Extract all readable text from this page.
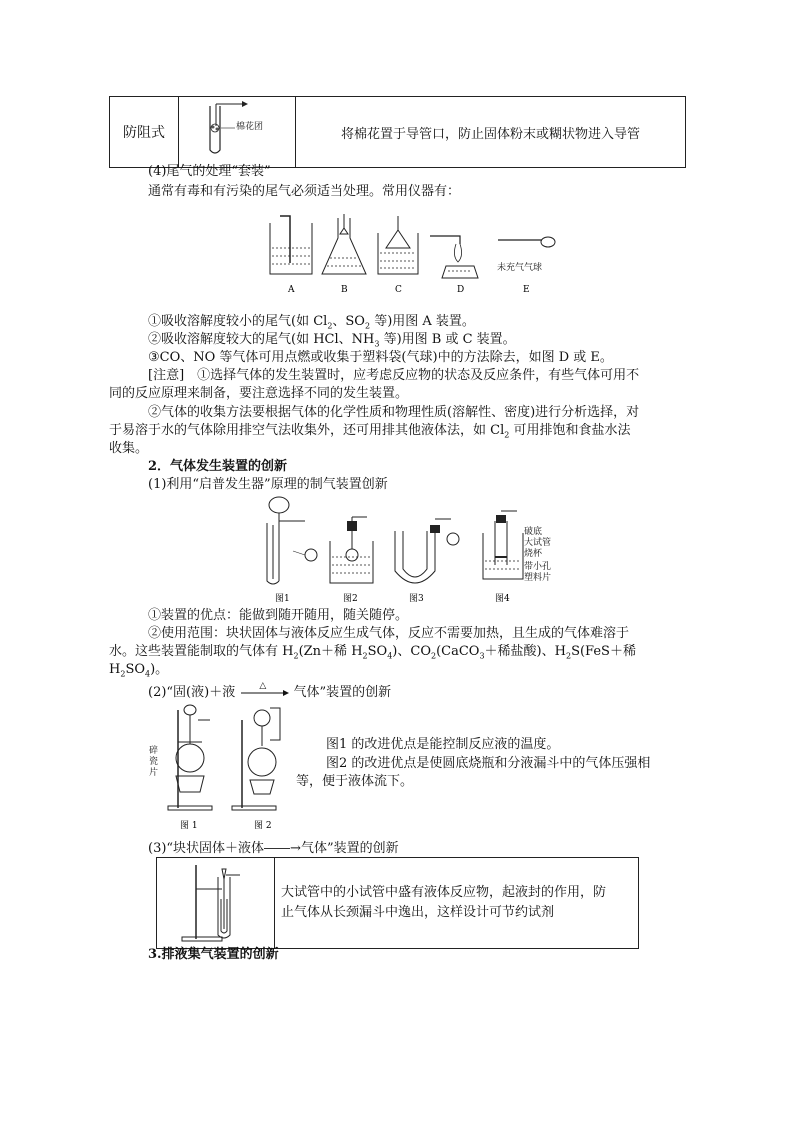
防阻式	棉花团	将棉花置于导管口，防止固体粉末或糊状物进入导管
(4)尾气的处理“套装”
通常有毒和有污染的尾气必须适当处理。常用仪器有：
A	B	C	D	E
未充气气球
①吸收溶解度较小的尾气(如 $Cl_2$、$SO_2$ 等)用图 A 装置。
②吸收溶解度较大的尾气(如 HCl、$NH_3$ 等)用图 B 或 C 装置。
③CO、NO 等气体可用点燃或收集于塑料袋(气球)中的方法除去，如图 D 或 E。
[注意]　①选择气体的发生装置时，应考虑反应物的状态及反应条件，有些气体可用不
同的反应原理来制备，要注意选择不同的发生装置。
②气体的收集方法要根据气体的化学性质和物理性质(溶解性、密度)进行分析选择，对
于易溶于水的气体除用排空气法收集外，还可用排其他液体法，如 $Cl_2$ 可用排饱和食盐水法
收集。
2．气体发生装置的创新
(1)利用“启普发生器”原理的制气装置创新
图1	图2	图3	图4
破底
大试管
烧杯
带小孔
塑料片
①装置的优点：能做到随开随用，随关随停。
②使用范围：块状固体与液体反应生成气体，反应不需要加热，且生成的气体难溶于
水。这些装置能制取的气体有 $H_2(Zn+$稀 $H_2SO_4$)、$CO_2(CaCO_3+$稀盐酸)、$H_2S(FeS+$稀
$H_2SO_4$)。
(2)“固(液)＋液	△ 气体”装置的创新
图 1	图 2
碎
瓷
片
图1 的改进优点是能控制反应液的温度。
图2 的改进优点是使圆底烧瓶和分液漏斗中的气体压强相
等，便于液体流下。
(3)“块状固体＋液体――→气体”装置的创新

大试管中的小试管中盛有液体反应物，起液封的作用，防
止气体从长颈漏斗中逸出，这样设计可节约试剂
3.排液集气装置的创新
